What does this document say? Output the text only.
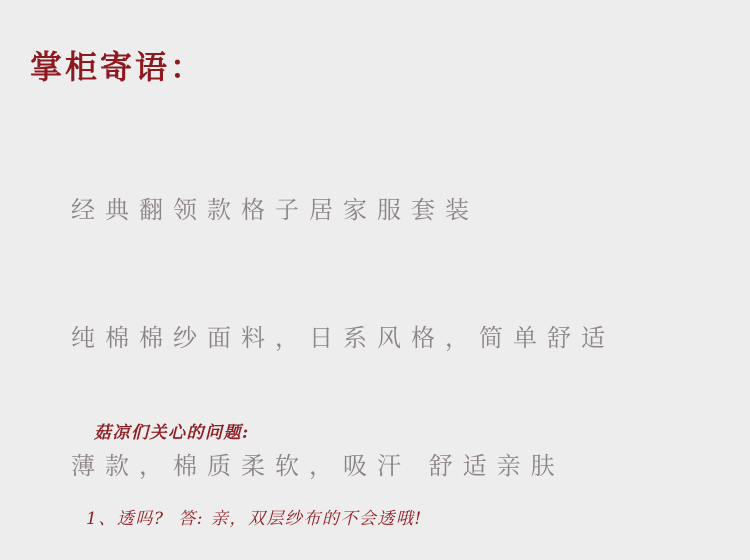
掌柜寄语：

经典翻领款格子居家服套装

纯棉棉纱面料，日系风格，简单舒适

薄款，棉质柔软，吸汗 舒适亲肤

菇凉们关心的问题:

1、透吗?  答: 亲，双层纱布的不会透哦!
